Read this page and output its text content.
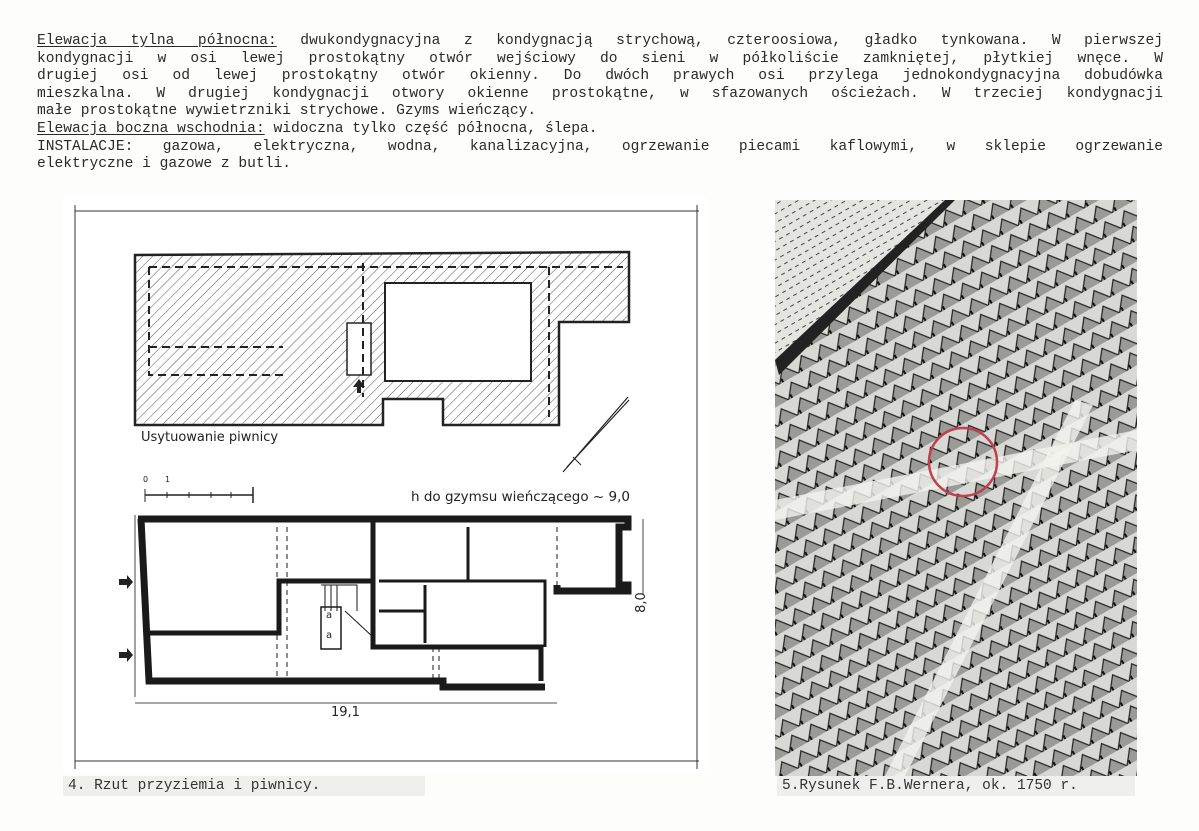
Elewacja tylna północna: dwukondygnacyjna z kondygnacją strychową, czteroosiowa, gładko tynkowana. W pierwszej
kondygnacji w osi lewej prostokątny otwór wejściowy do sieni w półkoliście zamkniętej, płytkiej wnęce. W
drugiej osi od lewej prostokątny otwór okienny. Do dwóch prawych osi przylega jednokondygnacyjna dobudówka
mieszkalna. W drugiej kondygnacji otwory okienne prostokątne, w sfazowanych ościeżach. W trzeciej kondygnacji
małe prostokątne wywietrzniki strychowe. Gzyms wieńczący.
Elewacja boczna wschodnia: widoczna tylko część północna, ślepa.
INSTALACJE: gazowa, elektryczna, wodna, kanalizacyjna, ogrzewanie piecami kaflowymi, w sklepie ogrzewanie
elektryczne i gazowe z butli.
Usytuowanie piwnicy
h do gzymsu wieńczącego ~ 9,0
0 1
19,1
8,0
a
a
4. Rzut przyziemia i piwnicy.	5.Rysunek F.B.Wernera, ok. 1750 r.
